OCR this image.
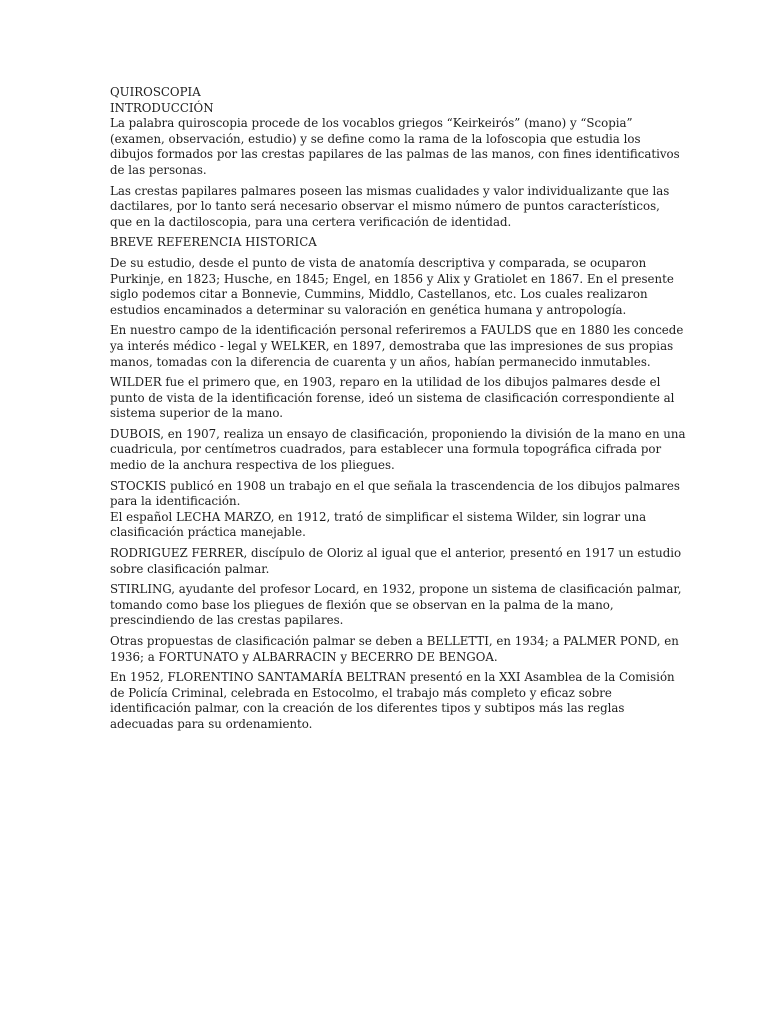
QUIROSCOPIA
INTRODUCCIÓN
La palabra quiroscopia procede de los vocablos griegos “Keirkeirós” (mano) y “Scopia”
(examen, observación, estudio) y se define como la rama de la lofoscopia que estudia los
dibujos formados por las crestas papilares de las palmas de las manos, con fines identificativos
de las personas.
Las crestas papilares palmares poseen las mismas cualidades y valor individualizante que las
dactilares, por lo tanto será necesario observar el mismo número de puntos característicos,
que en la dactiloscopia, para una certera verificación de identidad.
BREVE REFERENCIA HISTORICA
De su estudio, desde el punto de vista de anatomía descriptiva y comparada, se ocuparon
Purkinje, en 1823; Husche, en 1845; Engel, en 1856 y Alix y Gratiolet en 1867. En el presente
siglo podemos citar a Bonnevie, Cummins, Middlo, Castellanos, etc. Los cuales realizaron
estudios encaminados a determinar su valoración en genética humana y antropología.
En nuestro campo de la identificación personal referiremos a FAULDS que en 1880 les concede
ya interés médico - legal y WELKER, en 1897, demostraba que las impresiones de sus propias
manos, tomadas con la diferencia de cuarenta y un años, habían permanecido inmutables.
WILDER fue el primero que, en 1903, reparo en la utilidad de los dibujos palmares desde el
punto de vista de la identificación forense, ideó un sistema de clasificación correspondiente al
sistema superior de la mano.
DUBOIS, en 1907, realiza un ensayo de clasificación, proponiendo la división de la mano en una
cuadricula, por centímetros cuadrados, para establecer una formula topográfica cifrada por
medio de la anchura respectiva de los pliegues.
STOCKIS publicó en 1908 un trabajo en el que señala la trascendencia de los dibujos palmares
para la identificación.
El español LECHA MARZO, en 1912, trató de simplificar el sistema Wilder, sin lograr una
clasificación práctica manejable.
RODRIGUEZ FERRER, discípulo de Oloriz al igual que el anterior, presentó en 1917 un estudio
sobre clasificación palmar.
STIRLING, ayudante del profesor Locard, en 1932, propone un sistema de clasificación palmar,
tomando como base los pliegues de flexión que se observan en la palma de la mano,
prescindiendo de las crestas papilares.
Otras propuestas de clasificación palmar se deben a BELLETTI, en 1934; a PALMER POND, en
1936; a FORTUNATO y ALBARRACIN y BECERRO DE BENGOA.
En 1952, FLORENTINO SANTAMARÍA BELTRAN presentó en la XXI Asamblea de la Comisión
de Policía Criminal, celebrada en Estocolmo, el trabajo más completo y eficaz sobre
identificación palmar, con la creación de los diferentes tipos y subtipos más las reglas
adecuadas para su ordenamiento.
